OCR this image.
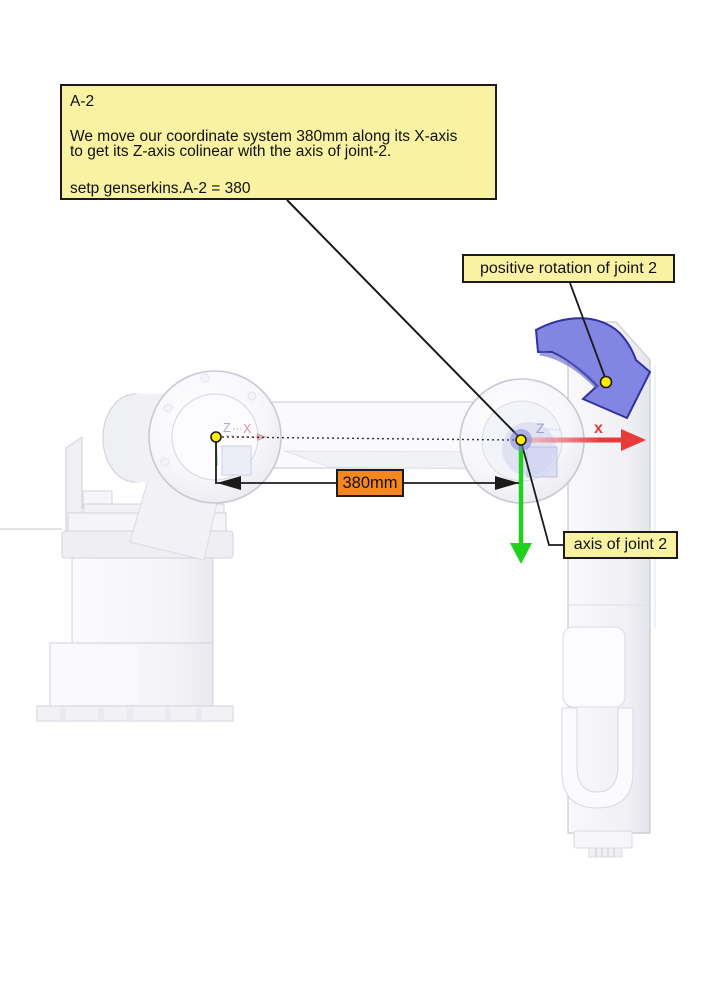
x
Z
Z X
A-2
We move our coordinate system 380mm along its X-axis
to get its Z-axis colinear with the axis of joint-2.
setp genserkins.A-2 = 380
positive rotation of joint 2
axis of joint 2
380mm
